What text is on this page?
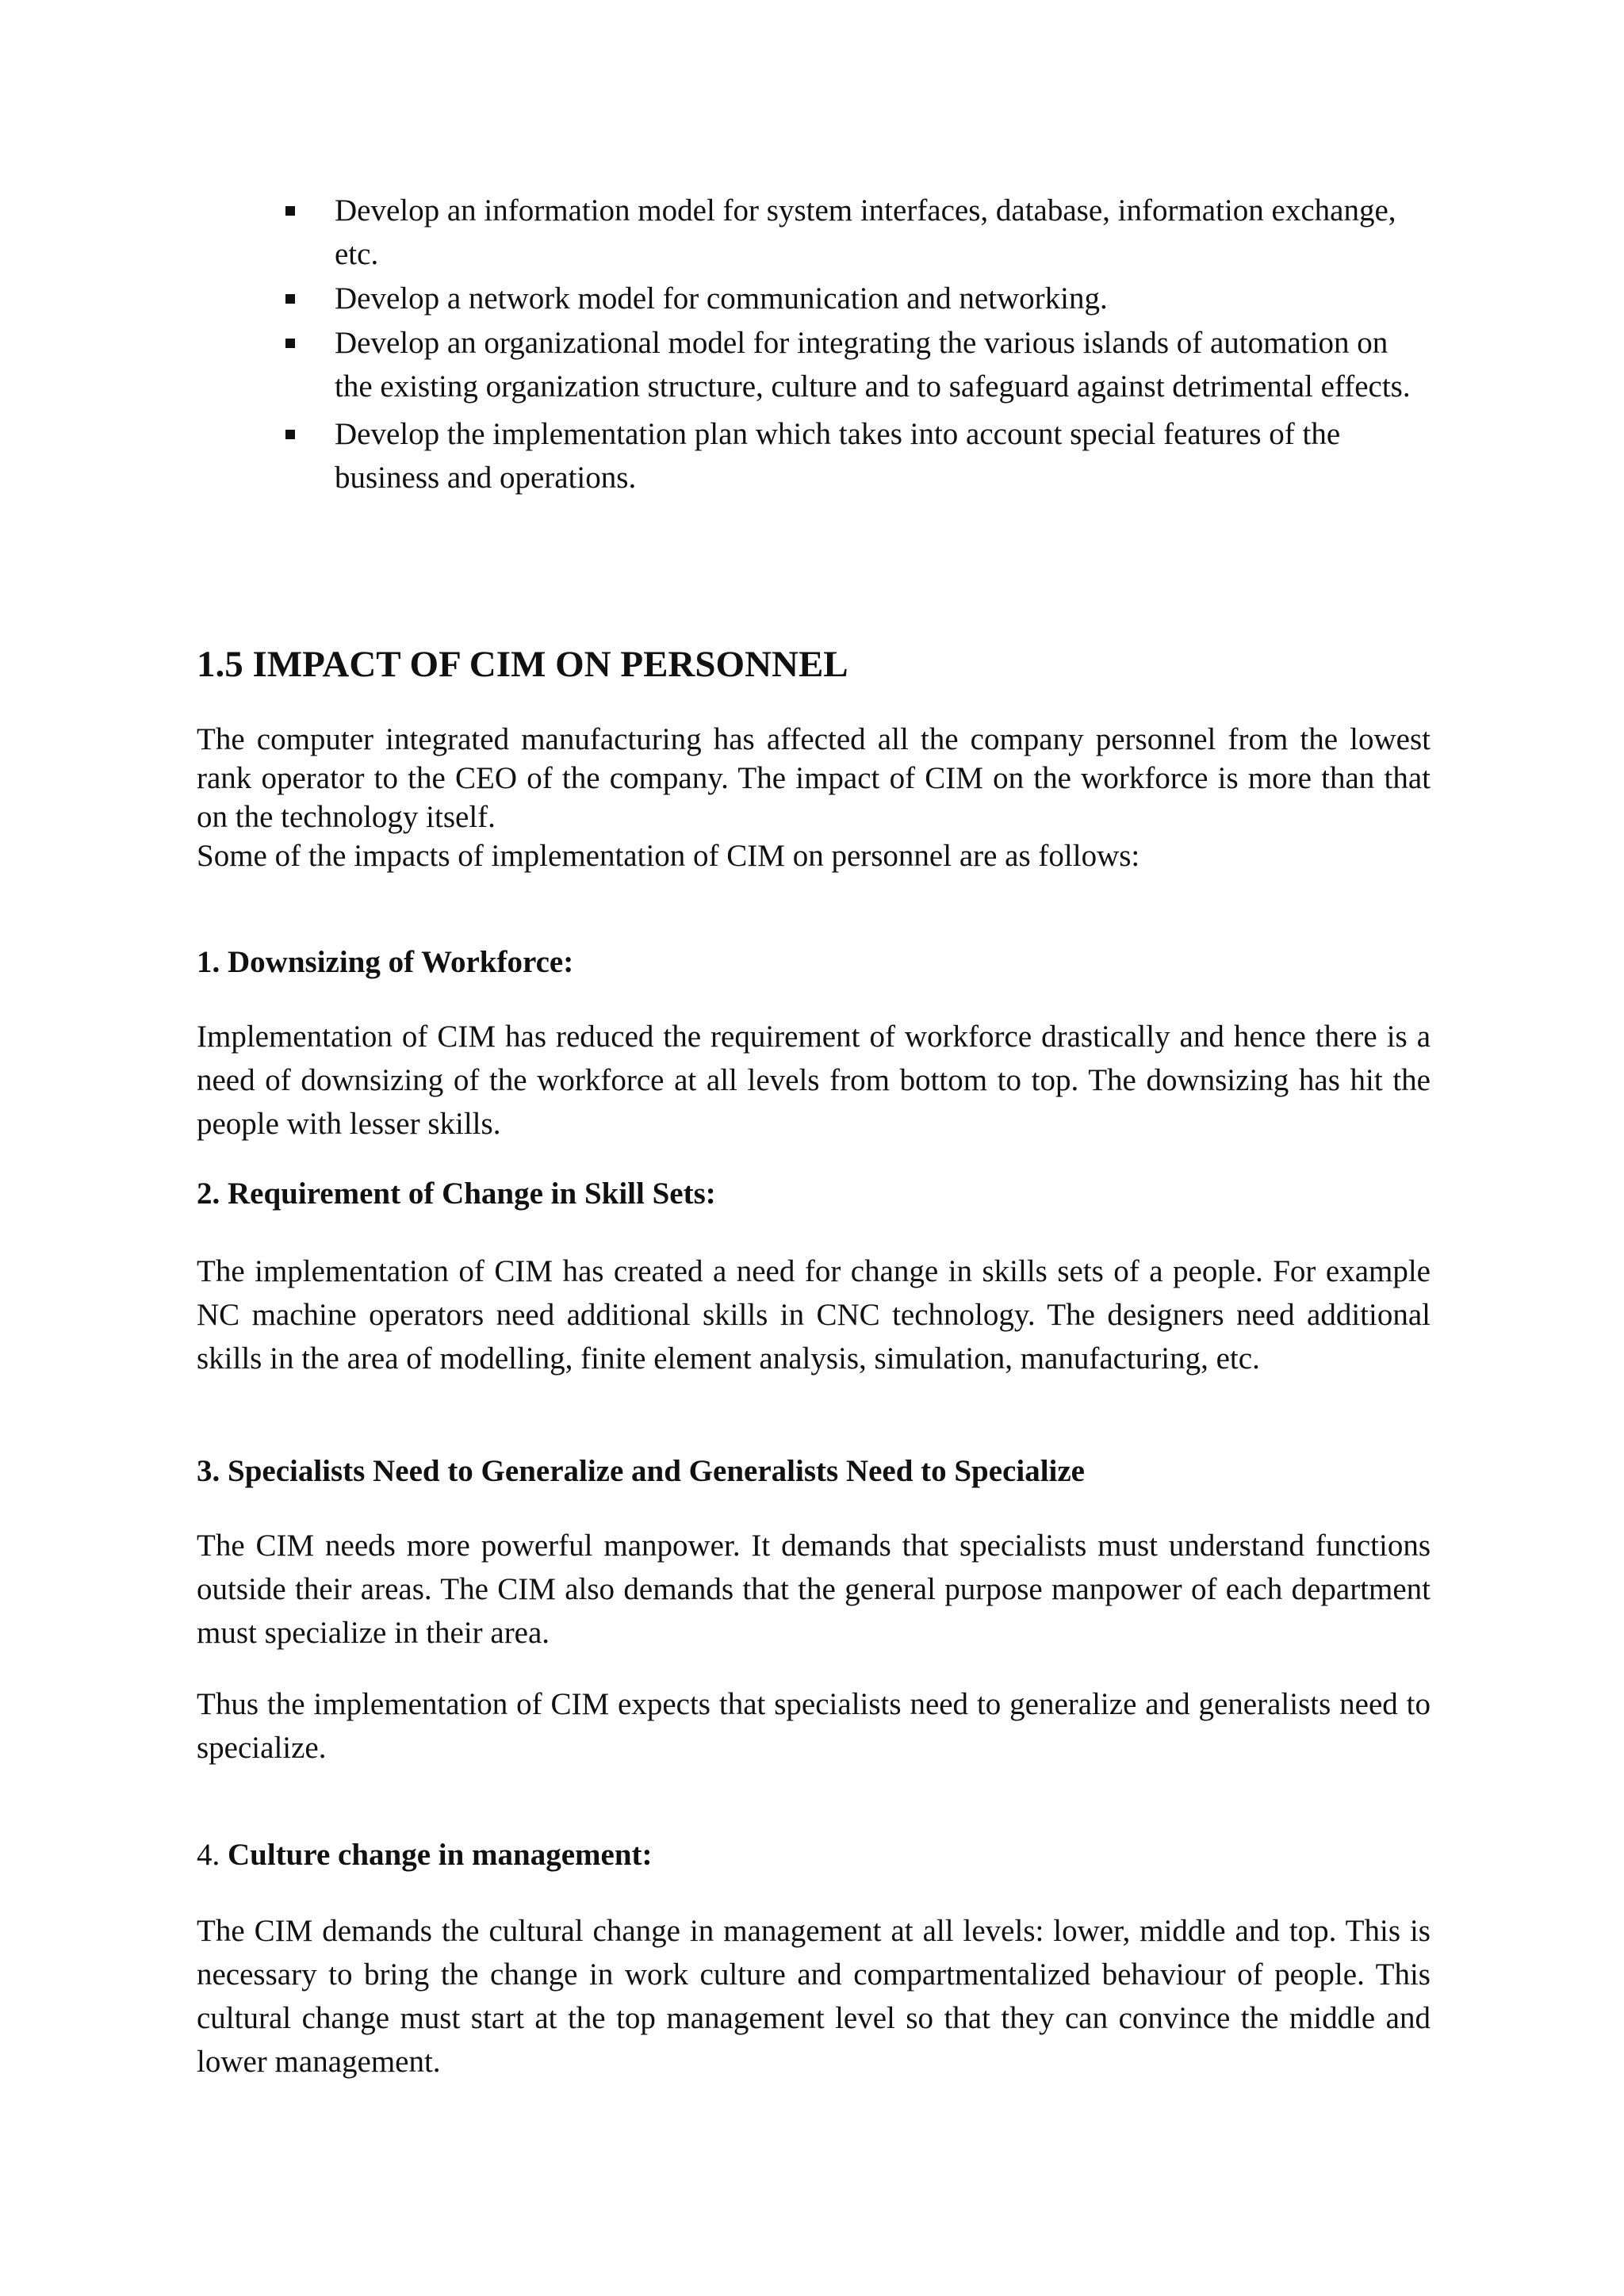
Develop an information model for system interfaces, database, information exchange, etc.
Develop a network model for communication and networking.
Develop an organizational model for integrating the various islands of automation on the existing organization structure, culture and to safeguard against detrimental effects.
Develop the implementation plan which takes into account special features of the business and operations.
1.5 IMPACT OF CIM ON PERSONNEL
The computer integrated manufacturing has affected all the company personnel from the lowest rank operator to the CEO of the company. The impact of CIM on the workforce is more than that on the technology itself.
Some of the impacts of implementation of CIM on personnel are as follows:
1. Downsizing of Workforce:

Implementation of CIM has reduced the requirement of workforce drastically and hence there is a need of downsizing of the workforce at all levels from bottom to top. The downsizing has hit the people with lesser skills.

2. Requirement of Change in Skill Sets:

The implementation of CIM has created a need for change in skills sets of a people. For example NC machine operators need additional skills in CNC technology. The designers need additional skills in the area of modelling, finite element analysis, simulation, manufacturing, etc.

3. Specialists Need to Generalize and Generalists Need to Specialize

The CIM needs more powerful manpower. It demands that specialists must understand functions outside their areas. The CIM also demands that the general purpose manpower of each department must specialize in their area.

Thus the implementation of CIM expects that specialists need to generalize and generalists need to specialize.

4. Culture change in management:

The CIM demands the cultural change in management at all levels: lower, middle and top. This is necessary to bring the change in work culture and compartmentalized behaviour of people. This cultural change must start at the top management level so that they can convince the middle and lower management.
